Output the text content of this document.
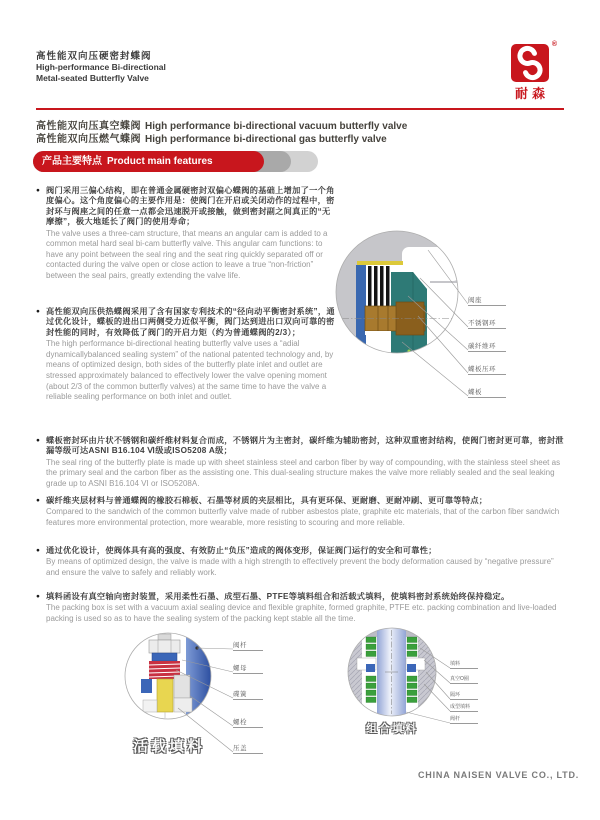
高性能双向压硬密封蝶阀
High-performance Bi-directional
Metal-seated Butterfly Valve
®
耐森
高性能双向压真空蝶阀 High performance bi-directional vacuum butterfly valve
高性能双向压燃气蝶阀 High performance bi-directional gas butterfly valve
产品主要特点 Product main features
● 阀门采用三偏心结构，即在普通金属硬密封双偏心蝶阀的基础上增加了一个角度偏心。这个角度偏心的主要作用是：使阀门在开启或关闭动作的过程中，密封环与阀座之间的任意一点都会迅速脱开或接触，做到密封副之间真正的“无摩擦”，极大地延长了阀门的使用寿命；
The valve uses a three-cam structure, that means an angular cam is added to a common metal hard seal bi-cam butterfly valve. This angular cam functions: to have any point between the seal ring and the seat ring quickly separated off or contacted during the valve open or close action to leave a true “non-friction” between the seal pairs, greatly extending the valve life.
● 高性能双向压供热蝶阀采用了含有国家专利技术的“径向动平衡密封系统”，通过优化设计，蝶板的进出口两侧受力近似平衡，阀门达到进出口双向可靠的密封性能的同时，有效降低了阀门的开启力矩（约为普通蝶阀的2/3）；
The high performance bi-directional heating butterfly valve uses a “adial dynamicallybalanced sealing system” of the national patented technology and, by means of optimized design, both sides of the butterfly plate inlet and outlet are stressed approximately balanced to effectively lower the valve opening moment (about 2/3 of the common butterfly valves) at the same time to have the valve a reliable sealing performance on both inlet and outlet.
● 蝶板密封环由片状不锈钢和碳纤维材料复合而成，不锈钢片为主密封，碳纤维为辅助密封，这种双重密封结构，使阀门密封更可靠，密封泄漏等级可达ASNI B16.104 Ⅵ级或ISO5208 A级；
The seal ring of the butterfly plate is made up with sheet stainless steel and carbon fiber by way of compounding, with the stainless steel sheet as the primary seal and the carbon fiber as the assisting one. This dual-sealing structure makes the valve more reliably sealed and the seal leaking grade up to ASNI B16.104 VI or ISO5208A.
● 碳纤维夹层材料与普通蝶阀的橡胶石棉板、石墨等材质的夹层相比，具有更环保、更耐磨、更耐冲刷、更可靠等特点；
Compared to the sandwich of the common butterfly valve made of rubber asbestos plate, graphite etc materials, that of the carbon fiber sandwich features more environmental protection, more wearable, more resisting to scouring and more reliable.
● 通过优化设计，使阀体具有高的强度、有效防止“负压”造成的阀体变形，保证阀门运行的安全和可靠性；
By means of optimized design, the valve is made with a high strength to effectively prevent the body deformation caused by “negative pressure” and ensure the valve to safely and reliably work.
● 填料函设有真空轴向密封装置，采用柔性石墨、成型石墨、PTFE等填料组合和活载式填料，使填料密封系统始终保持稳定。
The packing box is set with a vacuum axial sealing device and flexible graphite, formed graphite, PTFE etc. packing combination and live-loaded packing is used so as to have the sealing system of the packing kept stable all the time.
阀座
不锈钢环
碳纤维环
蝶板压环
蝶板
阀杆
螺母
碟簧
螺栓
压盖
活载填料
填料
真空O圈
隔环
成型填料
阀杆
组合填料
CHINA NAISEN VALVE CO., LTD.
